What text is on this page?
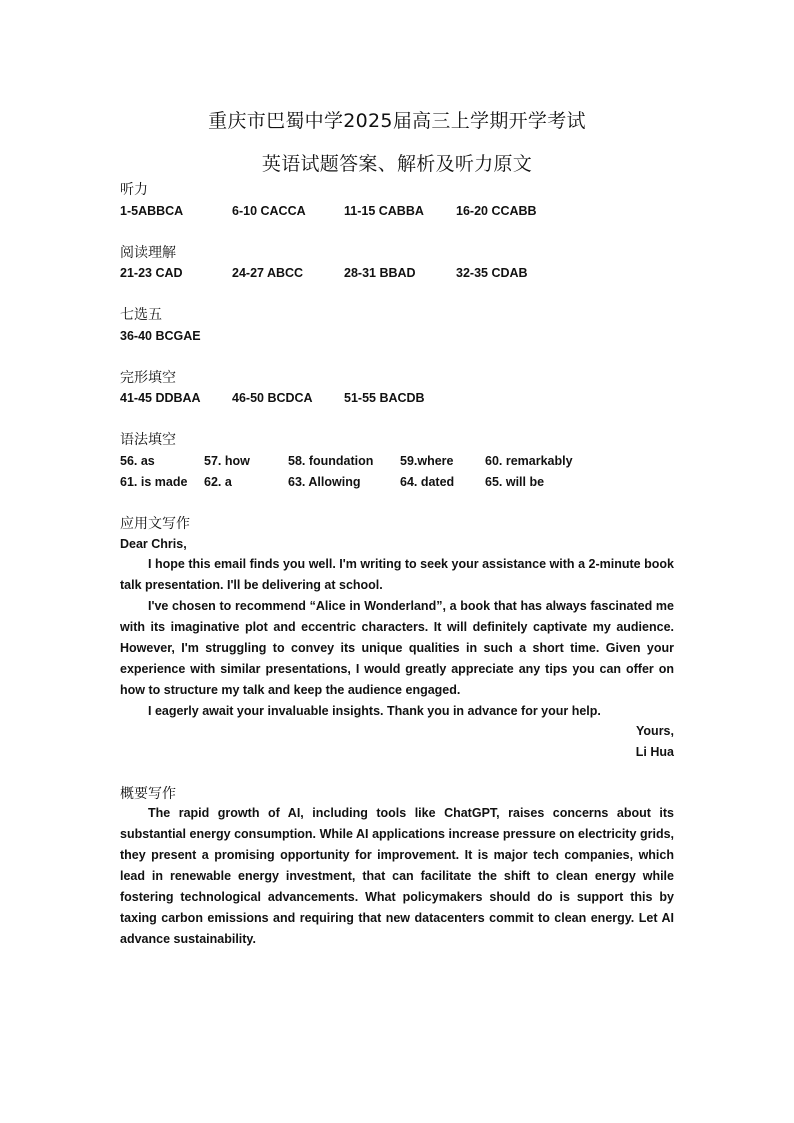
重庆市巴蜀中学2025届高三上学期开学考试
英语试题答案、解析及听力原文
听力
1-5ABBCA	6-10 CACCA	11-15 CABBA	16-20 CCABB
阅读理解
21-23 CAD	24-27 ABCC	28-31 BBAD	32-35 CDAB
七选五
36-40 BCGAE
完形填空
41-45 DDBAA	46-50 BCDCA	51-55 BACDB
语法填空
56. as	57. how	58. foundation 59.where	60. remarkably
61. is made 62. a	63. Allowing	64. dated 65. will be
应用文写作
Dear Chris,

I hope this email finds you well. I'm writing to seek your assistance with a 2-minute book talk presentation. I'll be delivering at school.

I've chosen to recommend “Alice in Wonderland”, a book that has always fascinated me with its imaginative plot and eccentric characters. It will definitely captivate my audience. However, I'm struggling to convey its unique qualities in such a short time. Given your experience with similar presentations, I would greatly appreciate any tips you can offer on how to structure my talk and keep the audience engaged.

I eagerly await your invaluable insights. Thank you in advance for your help.

Yours,
Li Hua
概要写作

The rapid growth of AI, including tools like ChatGPT, raises concerns about its substantial energy consumption. While AI applications increase pressure on electricity grids, they present a promising opportunity for improvement. It is major tech companies, which lead in renewable energy investment, that can facilitate the shift to clean energy while fostering technological advancements. What policymakers should do is support this by taxing carbon emissions and requiring that new datacenters commit to clean energy. Let AI advance sustainability.
